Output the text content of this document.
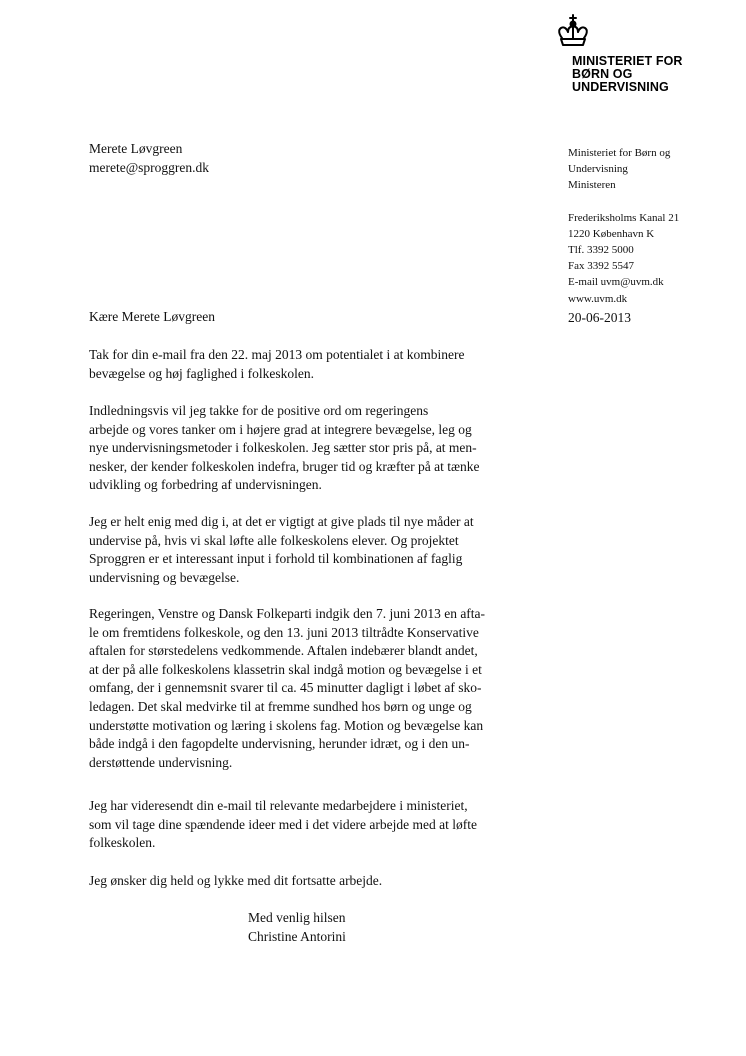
MINISTERIET FOR
BØRN OG
UNDERVISNING
Merete Løvgreen
merete@sproggren.dk
Ministeriet for Børn og
Undervisning
Ministeren
Frederiksholms Kanal 21
1220 København K
Tlf. 3392 5000
Fax 3392 5547
E-mail uvm@uvm.dk
www.uvm.dk
20-06-2013
Kære Merete Løvgreen
Tak for din e-mail fra den 22. maj 2013 om potentialet i at kombinere
bevægelse og høj faglighed i folkeskolen.
Indledningsvis vil jeg takke for de positive ord om regeringens
arbejde og vores tanker om i højere grad at integrere bevægelse, leg og
nye undervisningsmetoder i folkeskolen. Jeg sætter stor pris på, at men-
nesker, der kender folkeskolen indefra, bruger tid og kræfter på at tænke
udvikling og forbedring af undervisningen.
Jeg er helt enig med dig i, at det er vigtigt at give plads til nye måder at
undervise på, hvis vi skal løfte alle folkeskolens elever. Og projektet
Sproggren er et interessant input i forhold til kombinationen af faglig
undervisning og bevægelse.
Regeringen, Venstre og Dansk Folkeparti indgik den 7. juni 2013 en afta-
le om fremtidens folkeskole, og den 13. juni 2013 tiltrådte Konservative
aftalen for størstedelens vedkommende. Aftalen indebærer blandt andet,
at der på alle folkeskolens klassetrin skal indgå motion og bevægelse i et
omfang, der i gennemsnit svarer til ca. 45 minutter dagligt i løbet af sko-
ledagen. Det skal medvirke til at fremme sundhed hos børn og unge og
understøtte motivation og læring i skolens fag. Motion og bevægelse kan
både indgå i den fagopdelte undervisning, herunder idræt, og i den un-
derstøttende undervisning.
Jeg har videresendt din e-mail til relevante medarbejdere i ministeriet,
som vil tage dine spændende ideer med i det videre arbejde med at løfte
folkeskolen.
Jeg ønsker dig held og lykke med dit fortsatte arbejde.
Med venlig hilsen
Christine Antorini
